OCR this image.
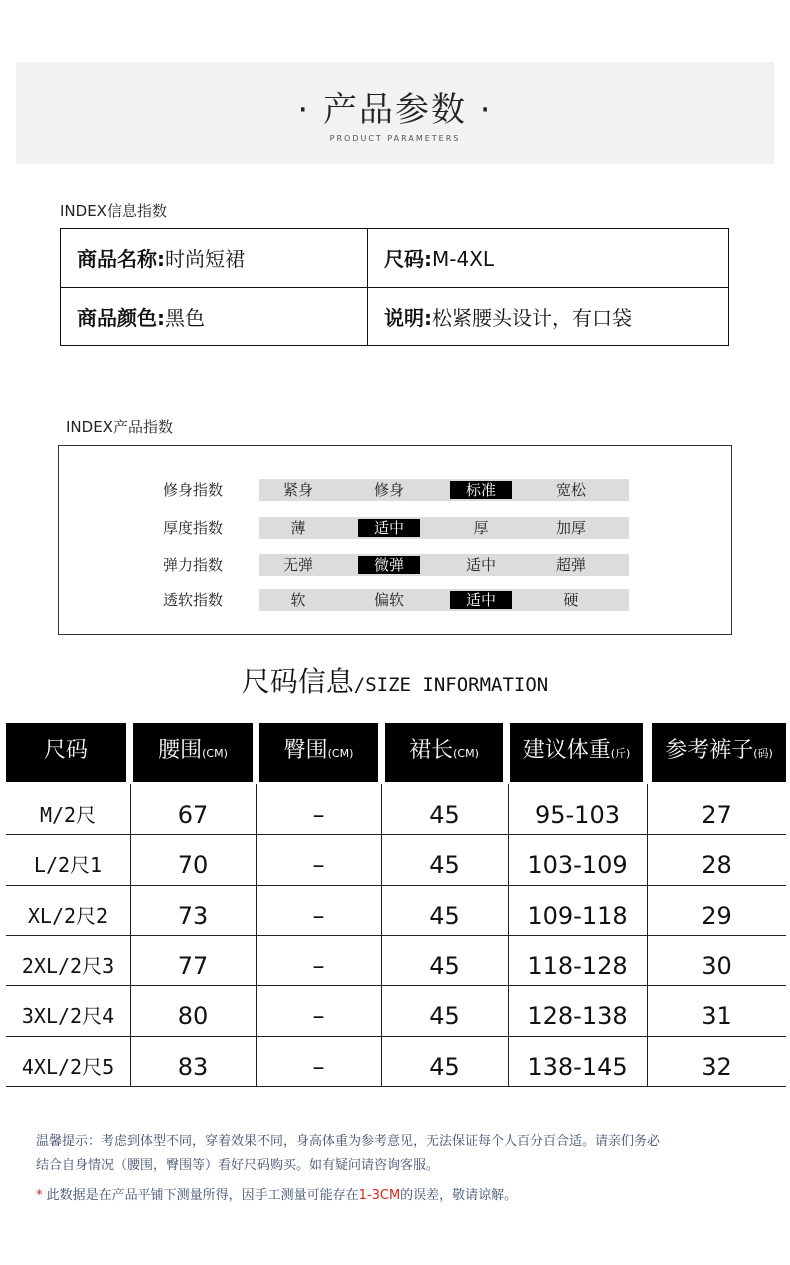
· 产品参数 ·
PRODUCT PARAMETERS
INDEX信息指数
商品名称:时尚短裙	尺码:M-4XL
商品颜色:黑色	说明:松紧腰头设计，有口袋
INDEX产品指数
修身指数	紧身	修身	标准	宽松
厚度指数	薄	适中	厚	加厚
弹力指数	无弹	微弹	适中	超弹
透软指数	软	偏软	适中	硬
尺码信息/SIZE INFORMATION
尺码	腰围(CM)	臀围(CM)	裙长(CM)	建议体重(斤)	参考裤子(码)
M/2尺	67	–	45	95-103	27
L/2尺1	70	–	45	103-109	28
XL/2尺2	73	–	45	109-118	29
2XL/2尺3	77	–	45	118-128	30
3XL/2尺4	80	–	45	128-138	31
4XL/2尺5	83	–	45	138-145	32
温馨提示：考虑到体型不同，穿着效果不同，身高体重为参考意见，无法保证每个人百分百合适。请亲们务必
结合自身情况（腰围，臀围等）看好尺码购买。如有疑问请咨询客服。
* 此数据是在产品平铺下测量所得，因手工测量可能存在1-3CM的误差，敬请谅解。
